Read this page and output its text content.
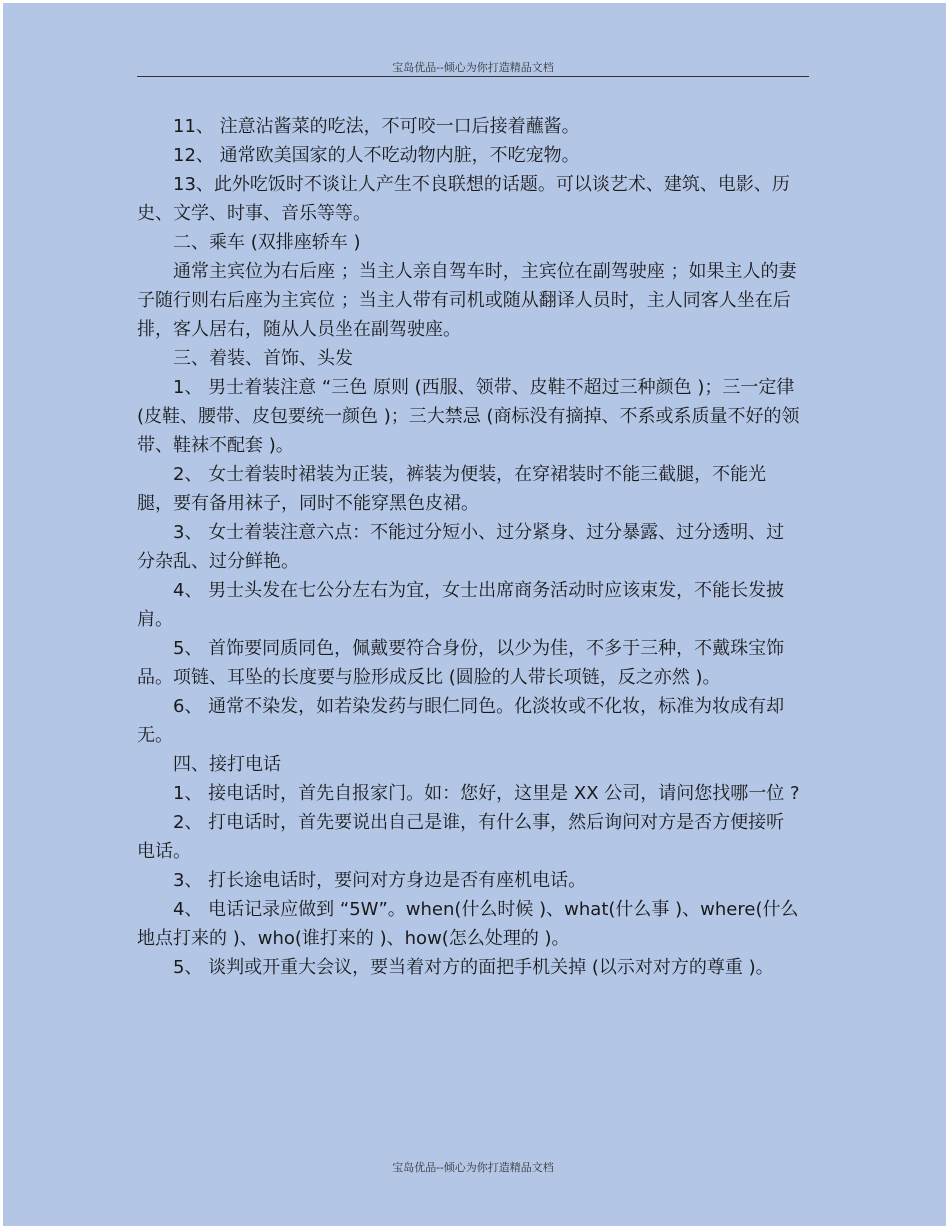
宝岛优品--倾心为你打造精品文档

11、 注意沾酱菜的吃法，不可咬一口后接着蘸酱。

12、 通常欧美国家的人不吃动物内脏，不吃宠物。

13、此外吃饭时不谈让人产生不良联想的话题。可以谈艺术、建筑、电影、历史、文学、时事、音乐等等。

二、乘车 (双排座轿车 )

通常主宾位为右后座 ；当主人亲自驾车时，主宾位在副驾驶座 ；如果主人的妻子随行则右后座为主宾位 ；当主人带有司机或随从翻译人员时，主人同客人坐在后排，客人居右，随从人员坐在副驾驶座。

三、着装、首饰、头发

1、 男士着装注意 “三色 原则 (西服、领带、皮鞋不超过三种颜色 )；三一定律 (皮鞋、腰带、皮包要统一颜色 )；三大禁忌 (商标没有摘掉、不系或系质量不好的领带、鞋袜不配套 )。

2、 女士着装时裙装为正装，裤装为便装，在穿裙装时不能三截腿，不能光腿，要有备用袜子，同时不能穿黑色皮裙。

3、 女士着装注意六点：不能过分短小、过分紧身、过分暴露、过分透明、过分杂乱、过分鲜艳。

4、 男士头发在七公分左右为宜，女士出席商务活动时应该束发，不能长发披肩。

5、 首饰要同质同色，佩戴要符合身份，以少为佳，不多于三种，不戴珠宝饰品。项链、耳坠的长度要与脸形成反比 (圆脸的人带长项链，反之亦然 )。

6、 通常不染发，如若染发药与眼仁同色。化淡妆或不化妆，标准为妆成有却无。

四、接打电话

1、 接电话时，首先自报家门。如：您好，这里是 XX 公司，请问您找哪一位 ?

2、 打电话时，首先要说出自己是谁，有什么事，然后询问对方是否方便接听电话。

3、 打长途电话时，要问对方身边是否有座机电话。

4、 电话记录应做到 “5W”。when(什么时候 )、what(什么事 )、where(什么地点打来的 )、who(谁打来的 )、how(怎么处理的 )。

5、 谈判或开重大会议，要当着对方的面把手机关掉 (以示对对方的尊重 )。

宝岛优品--倾心为你打造精品文档
